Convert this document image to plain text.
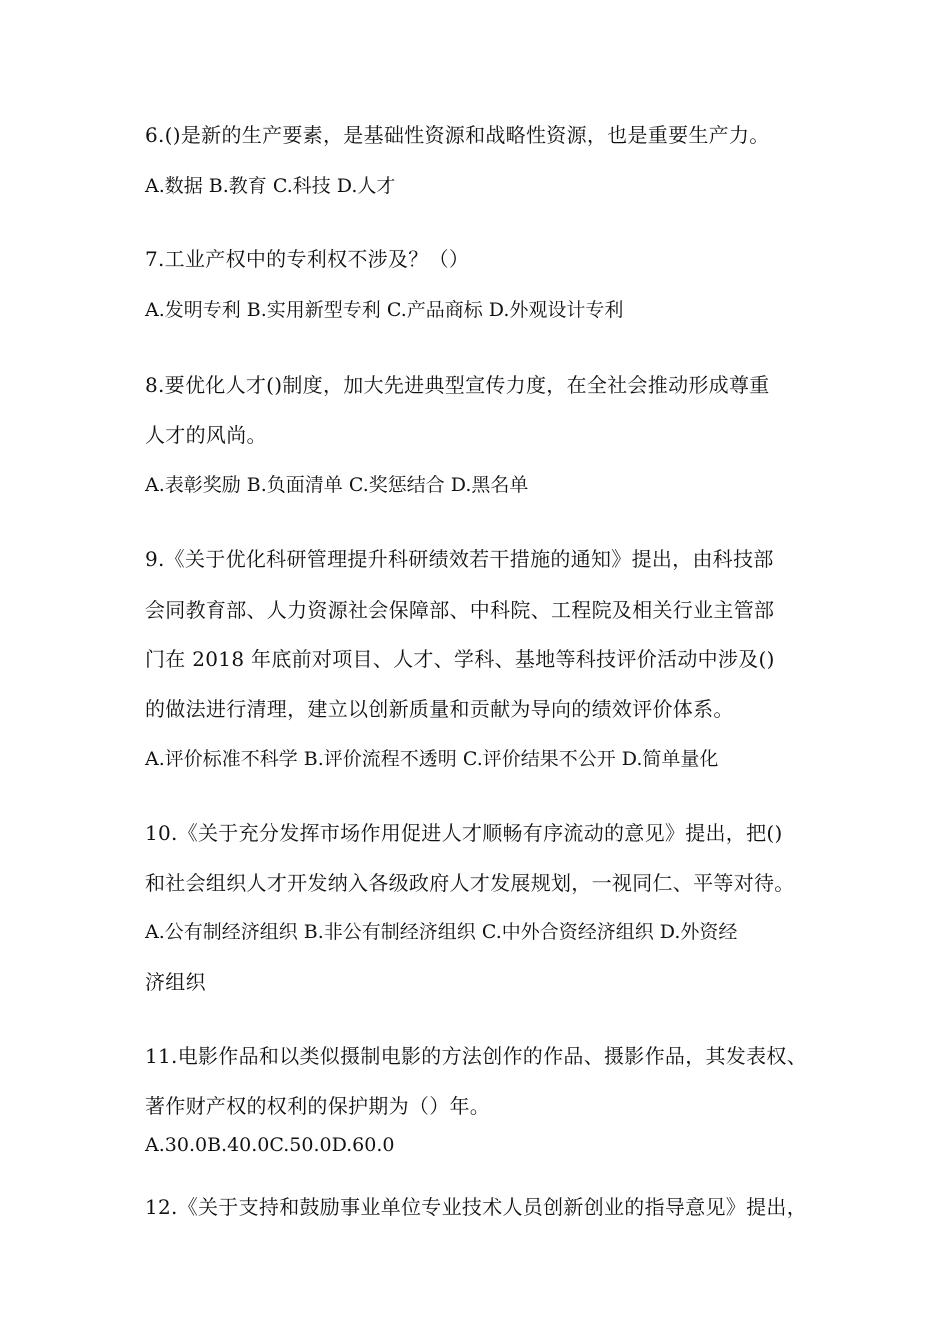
6.()是新的生产要素，是基础性资源和战略性资源，也是重要生产力。
A.数据 B.教育 C.科技 D.人才
7.工业产权中的专利权不涉及？（）
A.发明专利 B.实用新型专利 C.产品商标 D.外观设计专利
8.要优化人才()制度，加大先进典型宣传力度，在全社会推动形成尊重
人才的风尚。
A.表彰奖励 B.负面清单 C.奖惩结合 D.黑名单
9.《关于优化科研管理提升科研绩效若干措施的通知》提出，由科技部
会同教育部、人力资源社会保障部、中科院、工程院及相关行业主管部
门在 2018 年底前对项目、人才、学科、基地等科技评价活动中涉及()
的做法进行清理，建立以创新质量和贡献为导向的绩效评价体系。
A.评价标准不科学 B.评价流程不透明 C.评价结果不公开 D.简单量化
10.《关于充分发挥市场作用促进人才顺畅有序流动的意见》提出，把()
和社会组织人才开发纳入各级政府人才发展规划，一视同仁、平等对待。
A.公有制经济组织 B.非公有制经济组织 C.中外合资经济组织 D.外资经
济组织
11.电影作品和以类似摄制电影的方法创作的作品、摄影作品，其发表权、
著作财产权的权利的保护期为（）年。
A.30.0B.40.0C.50.0D.60.0
12.《关于支持和鼓励事业单位专业技术人员创新创业的指导意见》提出，
